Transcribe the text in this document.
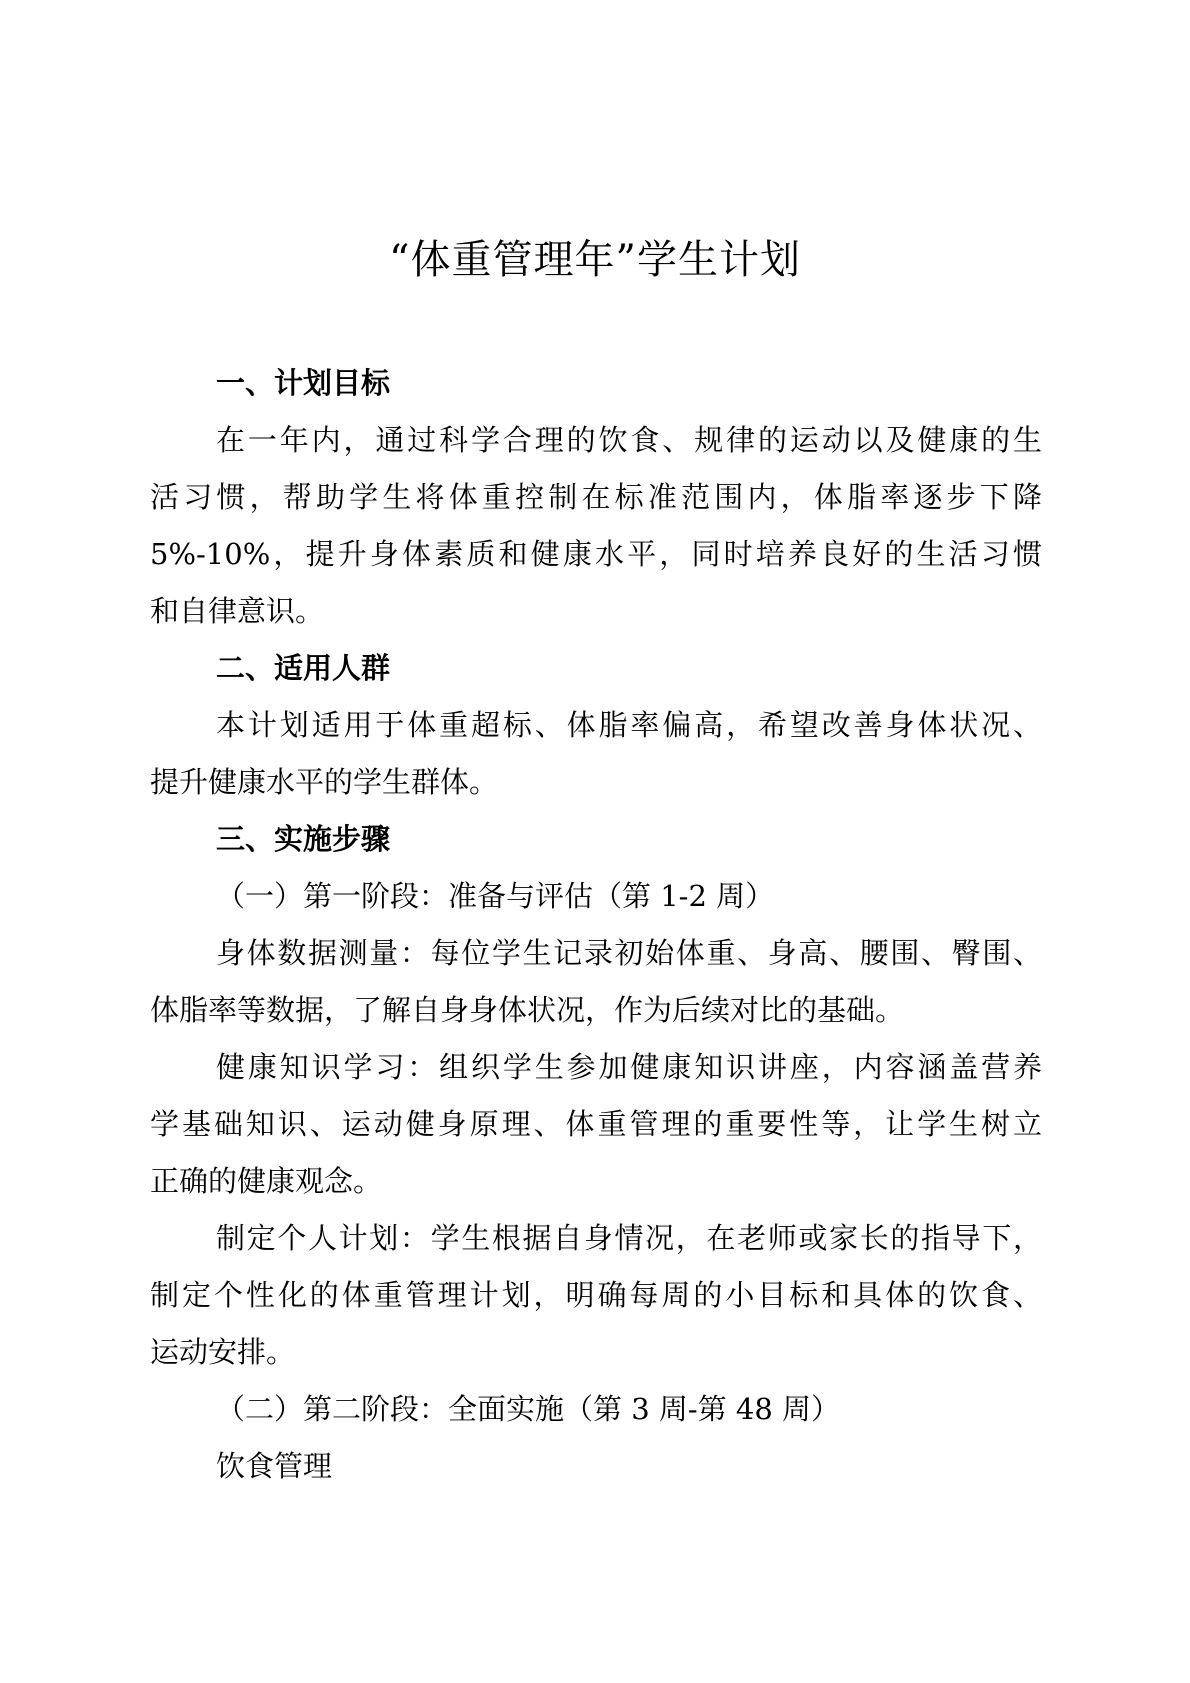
“体重管理年”学生计划
一、计划目标
在一年内，通过科学合理的饮食、规律的运动以及健康的生
活习惯，帮助学生将体重控制在标准范围内，体脂率逐步下降
5%-10%，提升身体素质和健康水平，同时培养良好的生活习惯
和自律意识。
二、适用人群
本计划适用于体重超标、体脂率偏高，希望改善身体状况、
提升健康水平的学生群体。
三、实施步骤
（一）第一阶段：准备与评估（第 1-2 周）
身体数据测量：每位学生记录初始体重、身高、腰围、臀围、
体脂率等数据，了解自身身体状况，作为后续对比的基础。
健康知识学习：组织学生参加健康知识讲座，内容涵盖营养
学基础知识、运动健身原理、体重管理的重要性等，让学生树立
正确的健康观念。
制定个人计划：学生根据自身情况，在老师或家长的指导下，
制定个性化的体重管理计划，明确每周的小目标和具体的饮食、
运动安排。
（二）第二阶段：全面实施（第 3 周-第 48 周）
饮食管理
